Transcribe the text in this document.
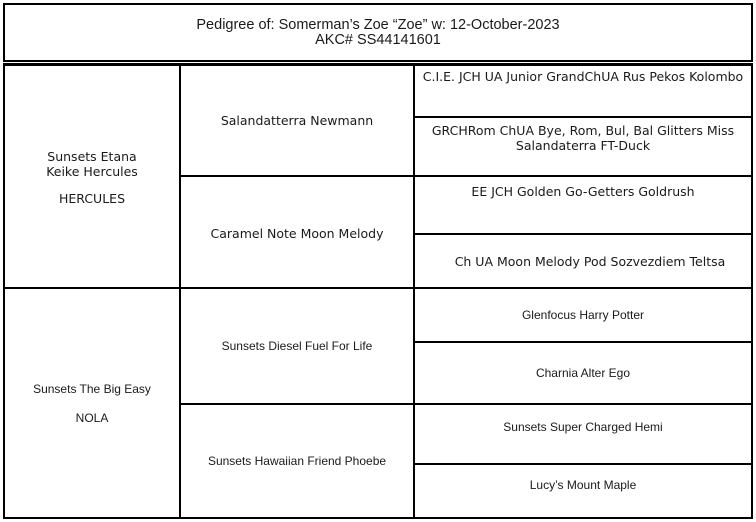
Pedigree of: Somerman’s Zoe “Zoe” w: 12-October-2023
AKC# SS44141601
Sunsets Etana
Keike Hercules
HERCULES
Sunsets The Big Easy
NOLA
Salandatterra Newmann
Caramel Note Moon Melody
Sunsets Diesel Fuel For Life
Sunsets Hawaiian Friend Phoebe
C.I.E. JCH UA Junior GrandChUA Rus Pekos Kolombo
GRCHRom ChUA Bye, Rom, Bul, Bal Glitters Miss Salandaterra FT-Duck
EE JCH Golden Go-Getters Goldrush
Ch UA Moon Melody Pod Sozvezdiem Teltsa
Glenfocus Harry Potter
Charnia Alter Ego
Sunsets Super Charged Hemi
Lucy’s Mount Maple
